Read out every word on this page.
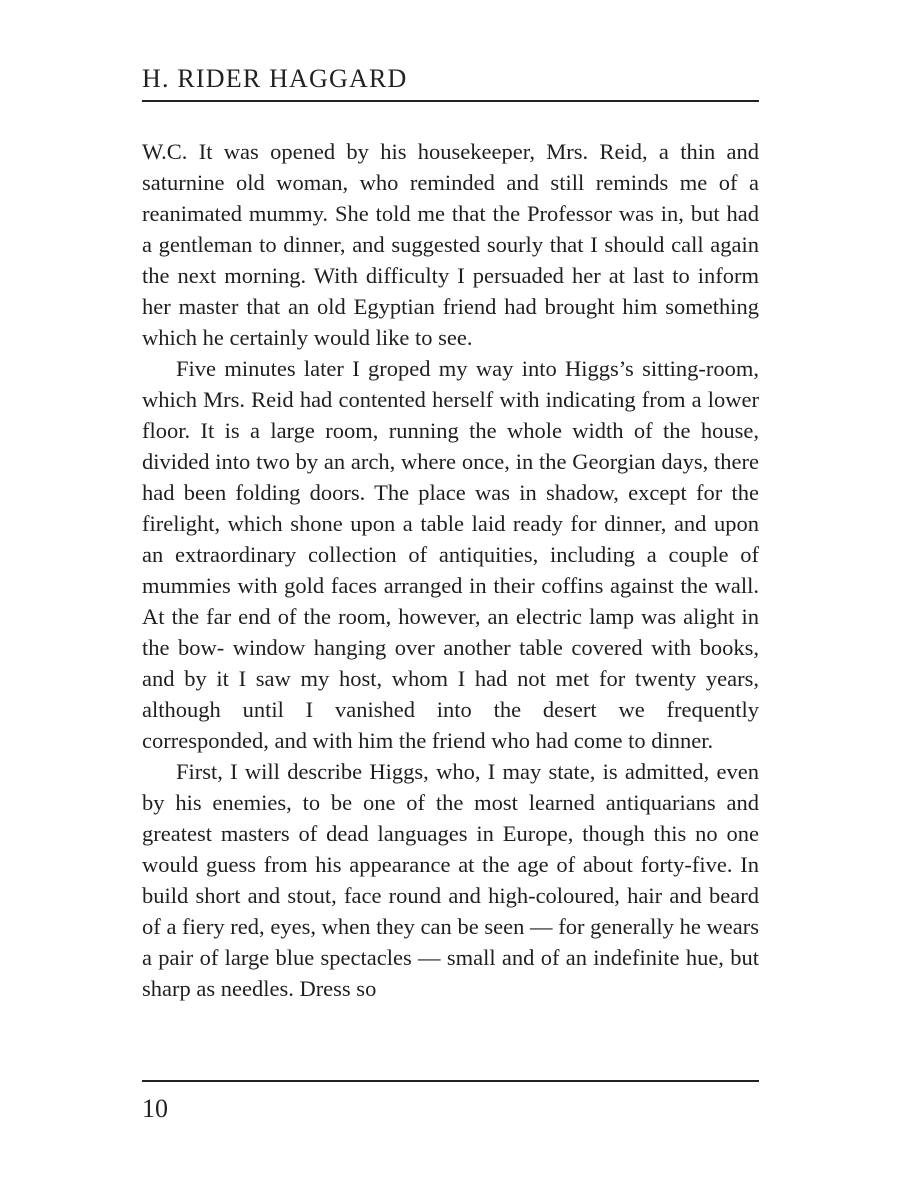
H. RIDER HAGGARD

W.C. It was opened by his housekeeper, Mrs. Reid, a thin and saturnine old woman, who reminded and still reminds me of a reanimated mummy. She told me that the Professor was in, but had a gentleman to dinner, and suggested sourly that I should call again the next morning. With difficulty I persuaded her at last to inform her master that an old Egyptian friend had brought him something which he certainly would like to see.

Five minutes later I groped my way into Higgs’s sitting-room, which Mrs. Reid had contented herself with indicating from a lower floor. It is a large room, running the whole width of the house, divided into two by an arch, where once, in the Georgian days, there had been folding doors. The place was in shadow, except for the firelight, which shone upon a table laid ready for dinner, and upon an extraordinary collection of antiquities, including a couple of mummies with gold faces arranged in their coffins against the wall. At the far end of the room, however, an electric lamp was alight in the bow- window hanging over another table covered with books, and by it I saw my host, whom I had not met for twenty years, although until I vanished into the desert we frequently corresponded, and with him the friend who had come to dinner.

First, I will describe Higgs, who, I may state, is admitted, even by his enemies, to be one of the most learned antiquarians and greatest masters of dead languages in Europe, though this no one would guess from his appearance at the age of about forty-five. In build short and stout, face round and high-coloured, hair and beard of a fiery red, eyes, when they can be seen — for generally he wears a pair of large blue spectacles — small and of an indefinite hue, but sharp as needles. Dress so

10
